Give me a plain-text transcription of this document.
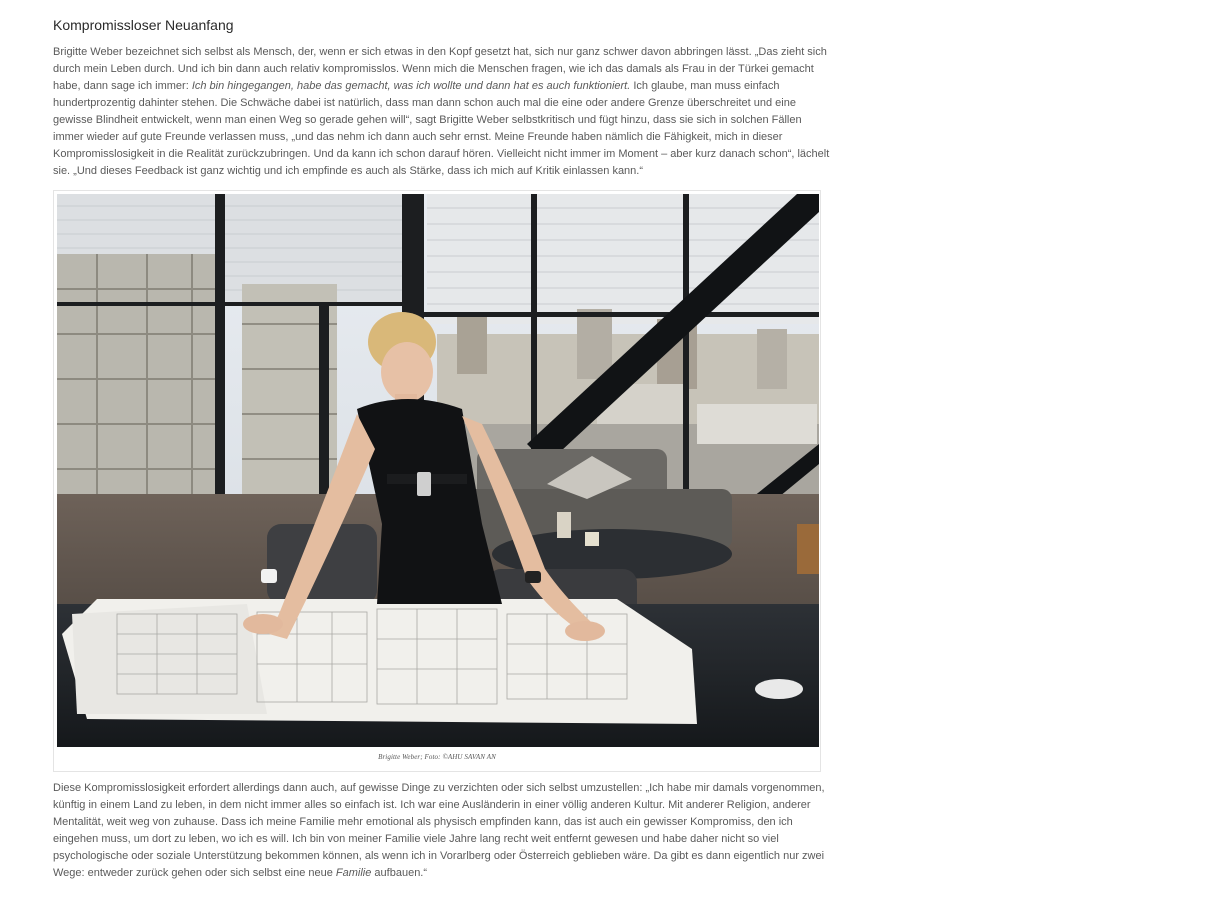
Kompromissloser Neuanfang

Brigitte Weber bezeichnet sich selbst als Mensch, der, wenn er sich etwas in den Kopf gesetzt hat, sich nur ganz schwer davon abbringen lässt. „Das zieht sich durch mein Leben durch. Und ich bin dann auch relativ kompromisslos. Wenn mich die Menschen fragen, wie ich das damals als Frau in der Türkei gemacht habe, dann sage ich immer: Ich bin hingegangen, habe das gemacht, was ich wollte und dann hat es auch funktioniert. Ich glaube, man muss einfach hundertprozentig dahinter stehen. Die Schwäche dabei ist natürlich, dass man dann schon auch mal die eine oder andere Grenze überschreitet und eine gewisse Blindheit entwickelt, wenn man einen Weg so gerade gehen will“, sagt Brigitte Weber selbstkritisch und fügt hinzu, dass sie sich in solchen Fällen immer wieder auf gute Freunde verlassen muss, „und das nehm ich dann auch sehr ernst. Meine Freunde haben nämlich die Fähigkeit, mich in dieser Kompromisslosigkeit in die Realität zurückzubringen. Und da kann ich schon darauf hören. Vielleicht nicht immer im Moment – aber kurz danach schon“, lächelt sie. „Und dieses Feedback ist ganz wichtig und ich empfinde es auch als Stärke, dass ich mich auf Kritik einlassen kann.“

Brigitte Weber; Foto: ©AHU SAVAN AN

Diese Kompromisslosigkeit erfordert allerdings dann auch, auf gewisse Dinge zu verzichten oder sich selbst umzustellen: „Ich habe mir damals vorgenommen, künftig in einem Land zu leben, in dem nicht immer alles so einfach ist. Ich war eine Ausländerin in einer völlig anderen Kultur. Mit anderer Religion, anderer Mentalität, weit weg von zuhause. Dass ich meine Familie mehr emotional als physisch empfinden kann, das ist auch ein gewisser Kompromiss, den ich eingehen muss, um dort zu leben, wo ich es will. Ich bin von meiner Familie viele Jahre lang recht weit entfernt gewesen und habe daher nicht so viel psychologische oder soziale Unterstützung bekommen können, als wenn ich in Vorarlberg oder Österreich geblieben wäre. Da gibt es dann eigentlich nur zwei Wege: entweder zurück gehen oder sich selbst eine neue Familie aufbauen.“
